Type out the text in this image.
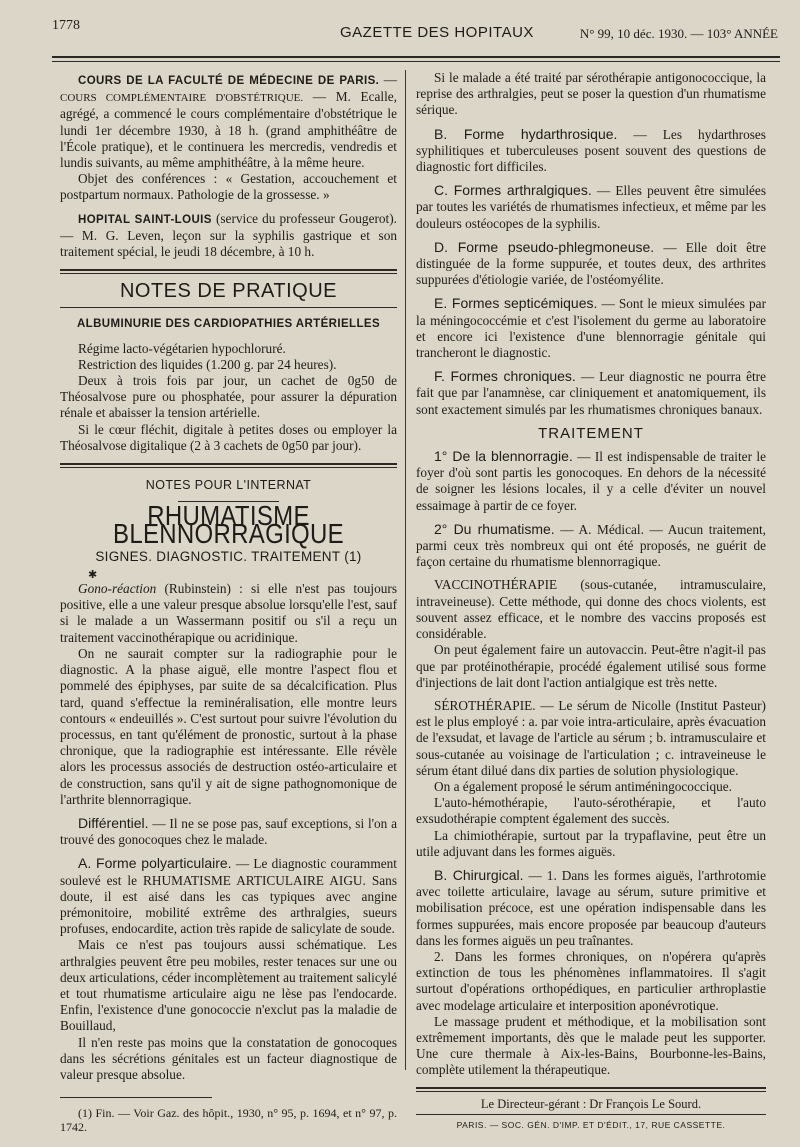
1778	GAZETTE DES HOPITAUX	N° 99, 10 déc. 1930. — 103° ANNÉE

COURS DE LA FACULTÉ DE MÉDECINE DE PARIS. — COURS COMPLÉMENTAIRE D'OBSTÉTRIQUE. — M. Ecalle, agrégé, a commencé le cours complémentaire d'obstétrique le lundi 1er décembre 1930, à 18 h. (grand amphithéâtre de l'École pratique), et le continuera les mercredis, vendredis et lundis suivants, au même amphithéâtre, à la même heure.

Objet des conférences : « Gestation, accouchement et postpartum normaux. Pathologie de la grossesse. »

HOPITAL SAINT-LOUIS (service du professeur Gougerot). — M. G. Leven, leçon sur la syphilis gastrique et son traitement spécial, le jeudi 18 décembre, à 10 h.

NOTES DE PRATIQUE
ALBUMINURIE DES CARDIOPATHIES ARTÉRIELLES

Régime lacto-végétarien hypochloruré.

Restriction des liquides (1.200 g. par 24 heures).

Deux à trois fois par jour, un cachet de 0g50 de Théosalvose pure ou phosphatée, pour assurer la dépuration rénale et abaisser la tension artérielle.

Si le cœur fléchit, digitale à petites doses ou employer la Théosalvose digitalique (2 à 3 cachets de 0g50 par jour).

NOTES POUR L'INTERNAT
RHUMATISME BLENNORRAGIQUE
SIGNES. DIAGNOSTIC. TRAITEMENT (1)

✱

Gono-réaction (Rubinstein) : si elle n'est pas toujours positive, elle a une valeur presque absolue lorsqu'elle l'est, sauf si le malade a un Wassermann positif ou s'il a reçu un traitement vaccinothérapique ou acridinique.

On ne saurait compter sur la radiographie pour le diagnostic. A la phase aiguë, elle montre l'aspect flou et pommelé des épiphyses, par suite de sa décalcification. Plus tard, quand s'effectue la reminéralisation, elle montre leurs contours « endeuillés ». C'est surtout pour suivre l'évolution du processus, en tant qu'élément de pronostic, surtout à la phase chronique, que la radiographie est intéressante. Elle révèle alors les processus associés de destruction ostéo-articulaire et de construction, sans qu'il y ait de signe pathognomonique de l'arthrite blennorragique.

Différentiel. — Il ne se pose pas, sauf exceptions, si l'on a trouvé des gonocoques chez le malade.

A. Forme polyarticulaire. — Le diagnostic couramment soulevé est le RHUMATISME ARTICULAIRE AIGU. Sans doute, il est aisé dans les cas typiques avec angine prémonitoire, mobilité extrême des arthralgies, sueurs profuses, endocardite, action très rapide de salicylate de soude.

Mais ce n'est pas toujours aussi schématique. Les arthralgies peuvent être peu mobiles, rester tenaces sur une ou deux articulations, céder incomplètement au traitement salicylé et tout rhumatisme articulaire aigu ne lèse pas l'endocarde. Enfin, l'existence d'une gonococcie n'exclut pas la maladie de Bouillaud,

Il n'en reste pas moins que la constatation de gonocoques dans les sécrétions génitales est un facteur diagnostique de valeur presque absolue.

(1) Fin. — Voir Gaz. des hôpit., 1930, n° 95, p. 1694, et n° 97, p. 1742.

Si le malade a été traité par sérothérapie antigonococcique, la reprise des arthralgies, peut se poser la question d'un rhumatisme sérique.

B. Forme hydarthrosique. — Les hydarthroses syphilitiques et tuberculeuses posent souvent des questions de diagnostic fort difficiles.

C. Formes arthralgiques. — Elles peuvent être simulées par toutes les variétés de rhumatismes infectieux, et même par les douleurs ostéocopes de la syphilis.

D. Forme pseudo-phlegmoneuse. — Elle doit être distinguée de la forme suppurée, et toutes deux, des arthrites suppurées d'étiologie variée, de l'ostéomyélite.

E. Formes septicémiques. — Sont le mieux simulées par la méningococcémie et c'est l'isolement du germe au laboratoire et encore ici l'existence d'une blennorragie génitale qui trancheront le diagnostic.

F. Formes chroniques. — Leur diagnostic ne pourra être fait que par l'anamnèse, car cliniquement et anatomiquement, ils sont exactement simulés par les rhumatismes chroniques banaux.

TRAITEMENT

1° De la blennorragie. — Il est indispensable de traiter le foyer d'où sont partis les gonocoques. En dehors de la nécessité de soigner les lésions locales, il y a celle d'éviter un nouvel essaimage à partir de ce foyer.

2° Du rhumatisme. — A. Médical. — Aucun traitement, parmi ceux très nombreux qui ont été proposés, ne guérit de façon certaine du rhumatisme blennorragique.

VACCINOTHÉRAPIE (sous-cutanée, intramusculaire, intraveineuse). Cette méthode, qui donne des chocs violents, est souvent assez efficace, et le nombre des vaccins proposés est considérable.

On peut également faire un autovaccin. Peut-être n'agit-il pas que par protéinothérapie, procédé également utilisé sous forme d'injections de lait dont l'action antialgique est très nette.

SÉROTHÉRAPIE. — Le sérum de Nicolle (Institut Pasteur) est le plus employé : a. par voie intra-articulaire, après évacuation de l'exsudat, et lavage de l'article au sérum ; b. intramusculaire et sous-cutanée au voisinage de l'articulation ; c. intraveineuse le sérum étant dilué dans dix parties de solution physiologique.

On a également proposé le sérum antiméningococcique.

L'auto-hémothérapie, l'auto-sérothérapie, et l'auto exsudothérapie comptent également des succès.

La chimiothérapie, surtout par la trypaflavine, peut être un utile adjuvant dans les formes aiguës.

B. Chirurgical. — 1. Dans les formes aiguës, l'arthrotomie avec toilette articulaire, lavage au sérum, suture primitive et mobilisation précoce, est une opération indispensable dans les formes suppurées, mais encore proposée par beaucoup d'auteurs dans les formes aiguës un peu traînantes.

2. Dans les formes chroniques, on n'opérera qu'après extinction de tous les phénomènes inflammatoires. Il s'agit surtout d'opérations orthopédiques, en particulier arthroplastie avec modelage articulaire et interposition aponévrotique.

Le massage prudent et méthodique, et la mobilisation sont extrêmement importants, dès que le malade peut les supporter. Une cure thermale à Aix-les-Bains, Bourbonne-les-Bains, complète utilement la thérapeutique.

Le Directeur-gérant : Dr François Le Sourd.
PARIS. — SOC. GÉN. D'IMP. ET D'ÉDIT., 17, RUE CASSETTE.
